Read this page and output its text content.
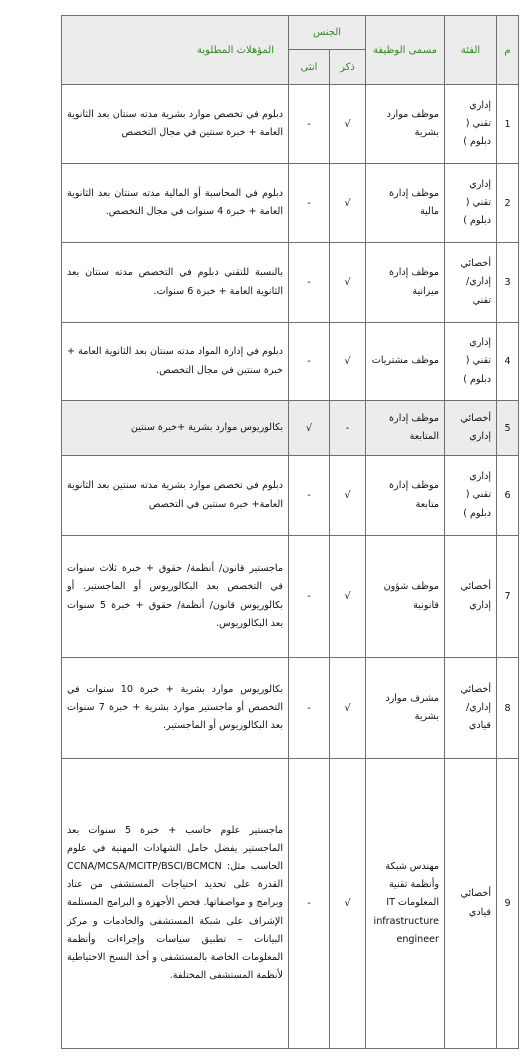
م	الفئة	مسمى الوظيفة	الجنس		المؤهلات المطلوبة
			ذكر	انثى	
1	إداري تقني ( دبلوم )	موظف موارد بشرية	√	-	دبلوم في تخصص موارد بشرية مدته سنتان بعد الثانوية العامة + خبرة سنتين في مجال التخصص
2	إداري تقني ( دبلوم )	موظف إدارة مالية	√	-	دبلوم في المحاسبة أو المالية مدته سنتان بعد الثانوية العامة + خبرة 4 سنوات في مجال التخصص.
3	أخصائي إداري/ تقني	موظف إدارة ميزانية	√	-	بالنسبة للتقني دبلوم في التخصص مدته سنتان بعد الثانوية العامة + خبرة 6 سنوات.
4	إداري تقني ( دبلوم )	موظف مشتريات	√	-	دبلوم في إدارة المواد مدته سنتان بعد الثانوية العامة + خبرة سنتين في مجال التخصص.
5	أخصائي إداري	موظف إدارة المتابعة	-	√	بكالوريوس موارد بشرية +خبرة سنتين
6	إداري تقني ( دبلوم )	موظف إدارة متابعة	√	-	دبلوم في تخصص موارد بشرية مدته سنتين بعد الثانوية العامة+ خبرة سنتين في التخصص
7	أخصائي إداري	موظف شؤون قانونية	√	-	ماجستير قانون/ أنظمة/ حقوق + خبرة ثلاث سنوات في التخصص بعد البكالوريوس أو الماجستير. أو بكالوريوس قانون/ أنظمة/ حقوق + خبرة 5 سنوات بعد البكالوريوس.
8	أخصائي إداري/ قيادي	مشرف موارد بشرية	√	-	بكالوريوس موارد بشرية + خبرة 10 سنوات في التخصص أو ماجستير موارد بشرية + خبرة 7 سنوات بعد البكالوريوس أو الماجستير.
9	أخصائي قيادي	مهندس شبكة وأنظمة تقنية المعلومات IT infrastructure engineer	√	-	ماجستير علوم حاسب + خبرة 5 سنوات بعد الماجستير يفضل حامل الشهادات المهنية في علوم الحاسب مثل: CCNA/MCSA/MCITP/BSCI/BCMCN القدرة على تحديد احتياجات المستشفى من عتاد وبرامج و مواصفاتها. فحص الأجهزة و البرامج المستلمة الإشراف على شبكة المستشفى والخادمات و مركز البيانات – تطبيق سياسات وإجراءات وأنظمة المعلومات الخاصة بالمستشفى و أخذ النسخ الاحتياطية لأنظمة المستشفى المختلفة.
